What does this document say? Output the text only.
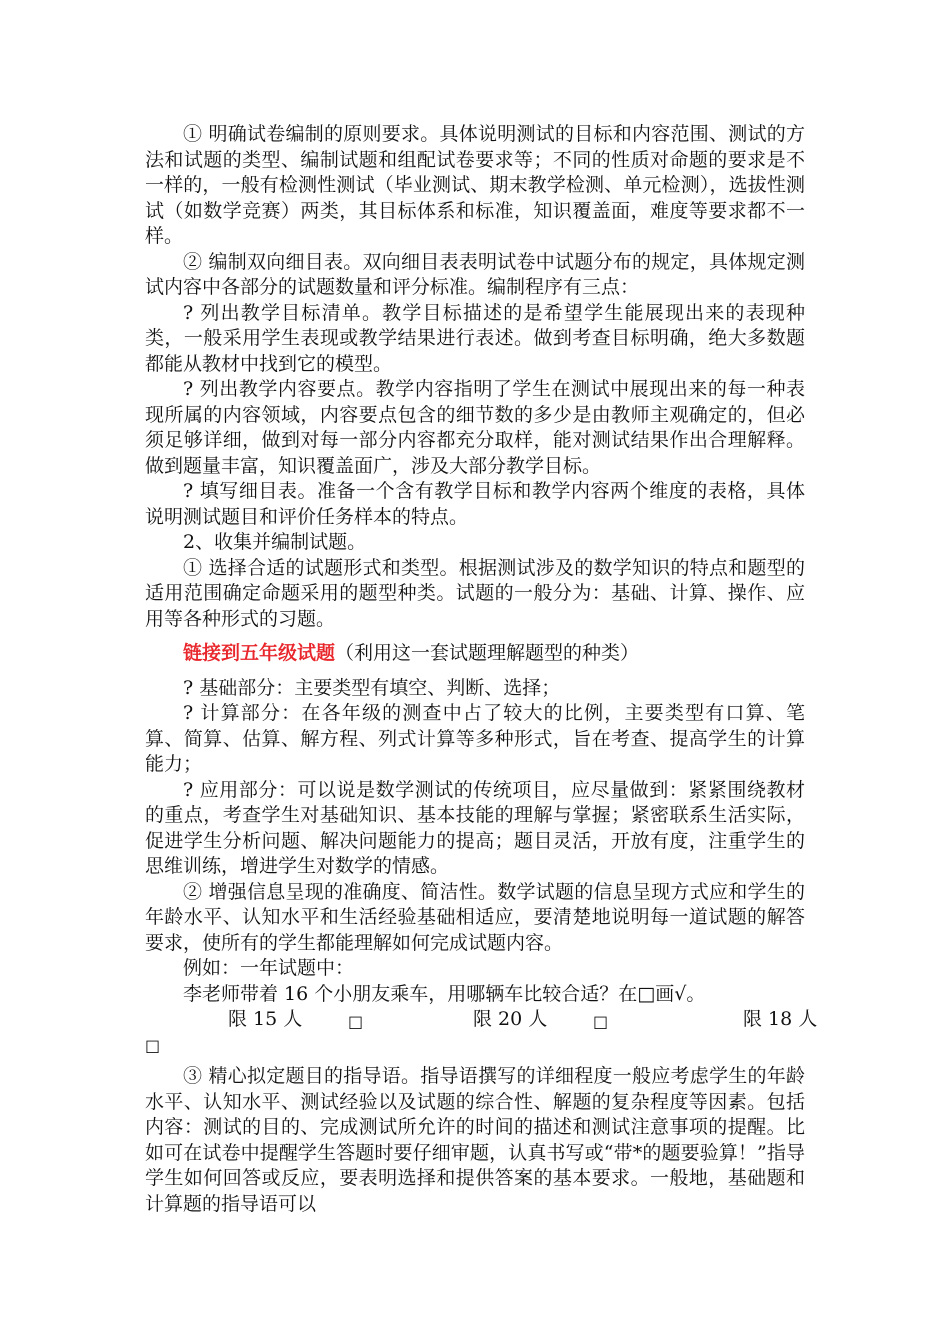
① 明确试卷编制的原则要求。具体说明测试的目标和内容范围、测试的方法和试题的类型、编制试题和组配试卷要求等；不同的性质对命题的要求是不一样的，一般有检测性测试（毕业测试、期末教学检测、单元检测），选拔性测试（如数学竞赛）两类，其目标体系和标准，知识覆盖面，难度等要求都不一样。

② 编制双向细目表。双向细目表表明试卷中试题分布的规定，具体规定测试内容中各部分的试题数量和评分标准。编制程序有三点：

? 列出教学目标清单。教学目标描述的是希望学生能展现出来的表现种类，一般采用学生表现或教学结果进行表述。做到考查目标明确，绝大多数题都能从教材中找到它的模型。

? 列出教学内容要点。教学内容指明了学生在测试中展现出来的每一种表现所属的内容领域，内容要点包含的细节数的多少是由教师主观确定的，但必须足够详细，做到对每一部分内容都充分取样，能对测试结果作出合理解释。做到题量丰富，知识覆盖面广，涉及大部分教学目标。

? 填写细目表。准备一个含有教学目标和教学内容两个维度的表格，具体说明测试题目和评价任务样本的特点。

2、收集并编制试题。

① 选择合适的试题形式和类型。根据测试涉及的数学知识的特点和题型的适用范围确定命题采用的题型种类。试题的一般分为：基础、计算、操作、应用等各种形式的习题。

链接到五年级试题（利用这一套试题理解题型的种类）

? 基础部分：主要类型有填空、判断、选择；

? 计算部分：在各年级的测查中占了较大的比例，主要类型有口算、笔算、简算、估算、解方程、列式计算等多种形式，旨在考查、提高学生的计算能力；

? 应用部分：可以说是数学测试的传统项目，应尽量做到：紧紧围绕教材的重点，考查学生对基础知识、基本技能的理解与掌握；紧密联系生活实际，促进学生分析问题、解决问题能力的提高；题目灵活，开放有度，注重学生的思维训练，增进学生对数学的情感。

② 增强信息呈现的准确度、简洁性。数学试题的信息呈现方式应和学生的年龄水平、认知水平和生活经验基础相适应，要清楚地说明每一道试题的解答要求，使所有的学生都能理解如何完成试题内容。

例如：一年试题中：

李老师带着 16 个小朋友乘车，用哪辆车比较合适？在□画√。

限 15 人	□	限 20 人	□	限 18 人

□

③ 精心拟定题目的指导语。指导语撰写的详细程度一般应考虑学生的年龄水平、认知水平、测试经验以及试题的综合性、解题的复杂程度等因素。包括内容：测试的目的、完成测试所允许的时间的描述和测试注意事项的提醒。比如可在试卷中提醒学生答题时要仔细审题，认真书写或“带*的题要验算！”指导学生如何回答或反应，要表明选择和提供答案的基本要求。一般地，基础题和计算题的指导语可以
